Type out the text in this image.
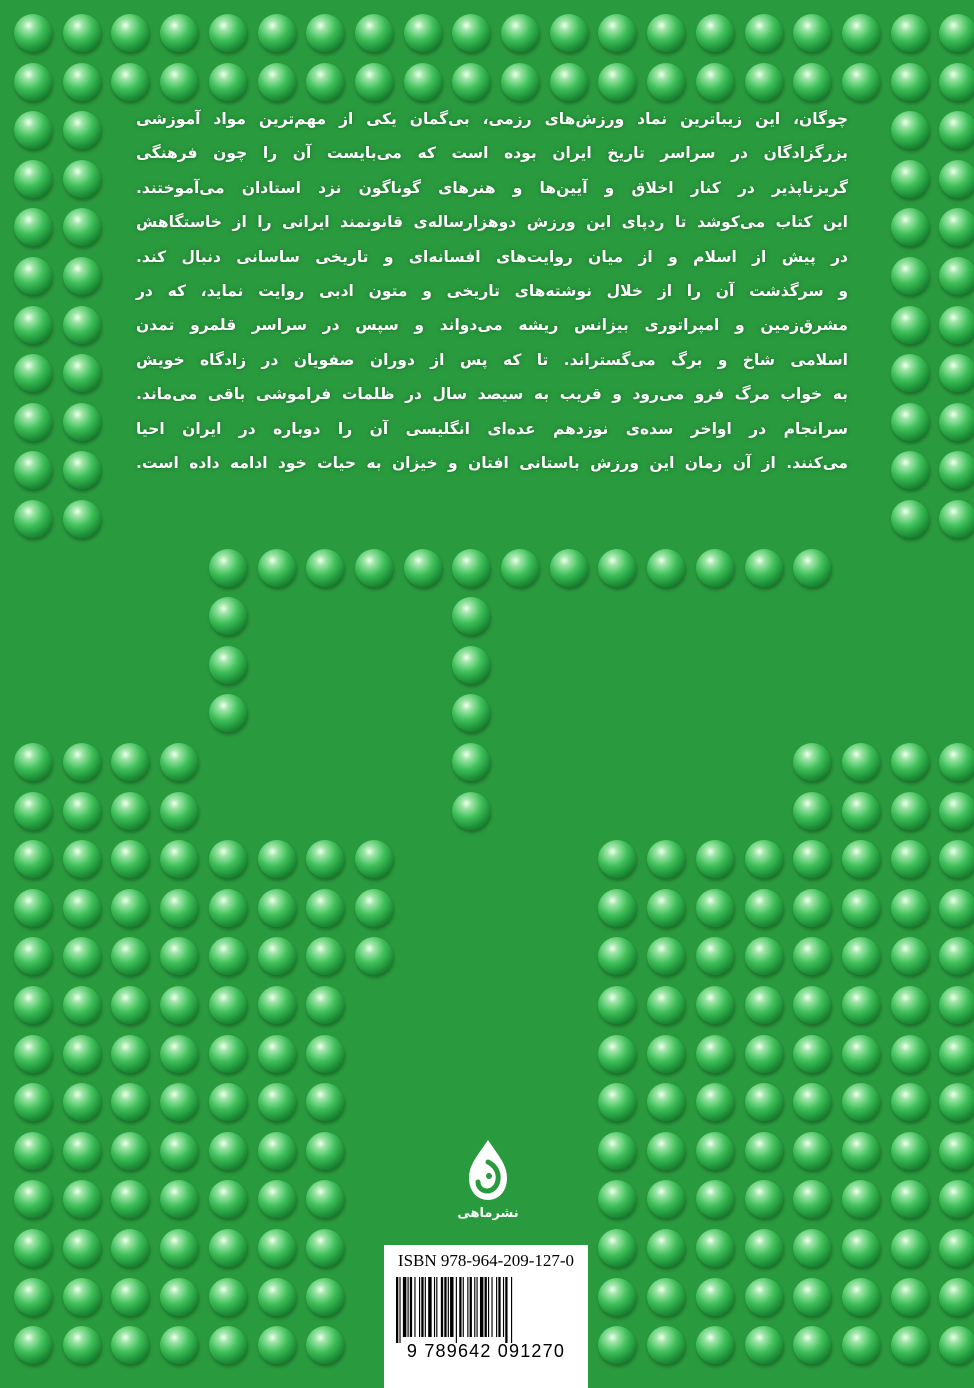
چوگان، این زیباترین نماد ورزش‌های رزمی، بی‌گمان یکی از مهم‌ترین مواد آموزشی
بزرگزادگان در سراسر تاریخ ایران بوده است که می‌بایست آن را چون فرهنگی
گریزناپذیر در کنار اخلاق و آیین‌ها و هنرهای گوناگون نزد استادان می‌آموختند.
این کتاب می‌کوشد تا ردپای این ورزش دوهزارساله‌ی قانونمند ایرانی را از خاستگاهش
در پیش از اسلام و از میان روایت‌های افسانه‌ای و تاریخی ساسانی دنبال کند.
و سرگذشت آن را از خلال نوشته‌های تاریخی و متون ادبی روایت نماید، که در
مشرق‌زمین و امپراتوری بیزانس ریشه می‌دواند و سپس در سراسر قلمرو تمدن
اسلامی شاخ و برگ می‌گستراند. تا که پس از دوران صفویان در زادگاه خویش
به خواب مرگ فرو می‌رود و قریب به سیصد سال در ظلمات فراموشی باقی می‌ماند.
سرانجام در اواخر سده‌ی نوزدهم عده‌ای انگلیسی آن را دوباره در ایران احیا
می‌کنند. از آن زمان این ورزش باستانی افتان و خیزان به حیات خود ادامه داده است.
نشرماهی
ISBN 978-964-209-127-0
9 789642 091270
